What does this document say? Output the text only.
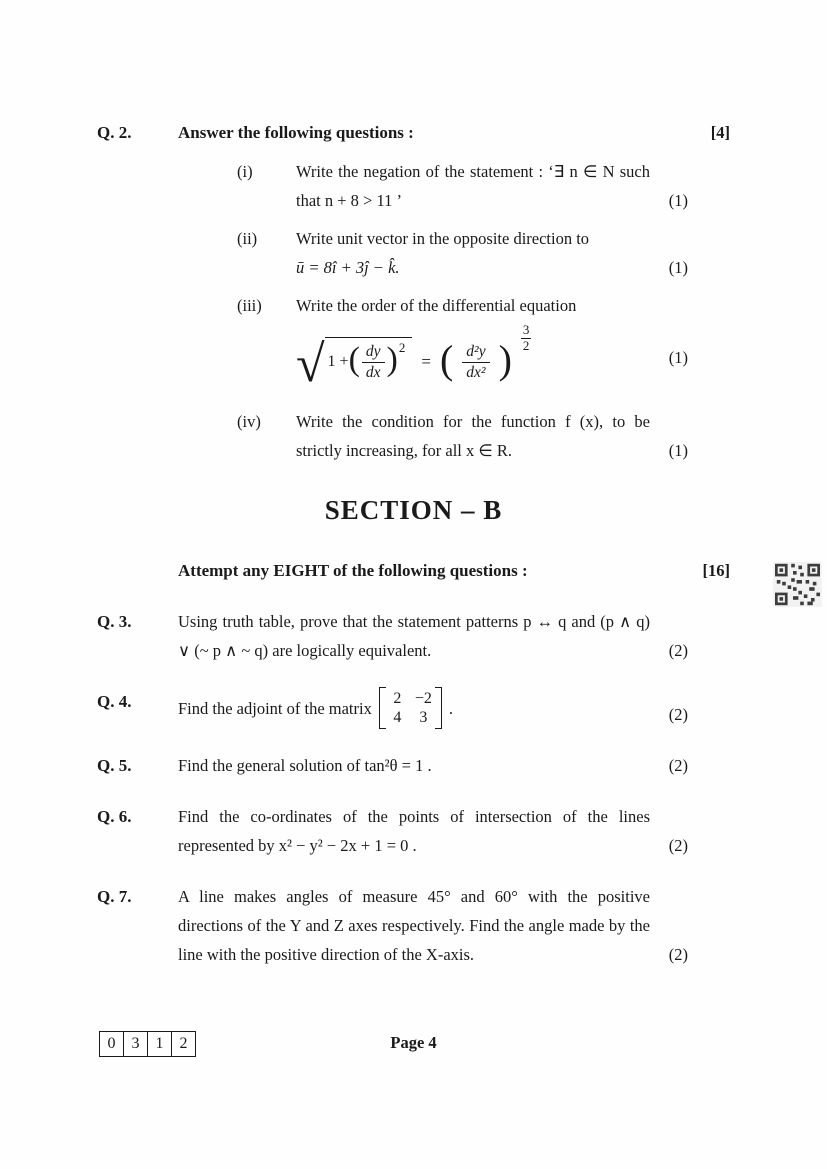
Q. 2.	Answer the following questions :	[4]
(i)	Write the negation of the statement : ‘∃ n ∈ N such that n + 8 > 11 ’	(1)
(ii)	Write unit vector in the opposite direction to
ū = 8î + 3ĵ − k̂.	(1)
(iii)	Write the order of the differential equation
√ 1 + ( $\frac{dy}{dx} )^2$
= ( $\frac{\text{d²y}}{\text{dx²}}$ ) $\frac{3}{2}$
(1)
(iv)	Write the condition for the function f (x), to be strictly increasing, for all x ∈ R.	(1)
SECTION – B
Attempt any EIGHT of the following questions :	[16]
Q. 3.	Using truth table, prove that the statement patterns p ↔ q and (p ∧ q) ∨ (~ p ∧ ~ q) are logically equivalent.	(2)
Q. 4.	Find the adjoint of the matrix 2 −2
4 3 .	(2)
Q. 5.	Find the general solution of tan²θ = 1 .	(2)
Q. 6.	Find the co-ordinates of the points of intersection of the lines represented by x² − y² − 2x + 1 = 0 .	(2)
Q. 7.	A line makes angles of measure 45° and 60° with the positive directions of the Y and Z axes respectively. Find the angle made by the line with the positive direction of the X-axis.	(2)
0	3	1	2	Page 4
